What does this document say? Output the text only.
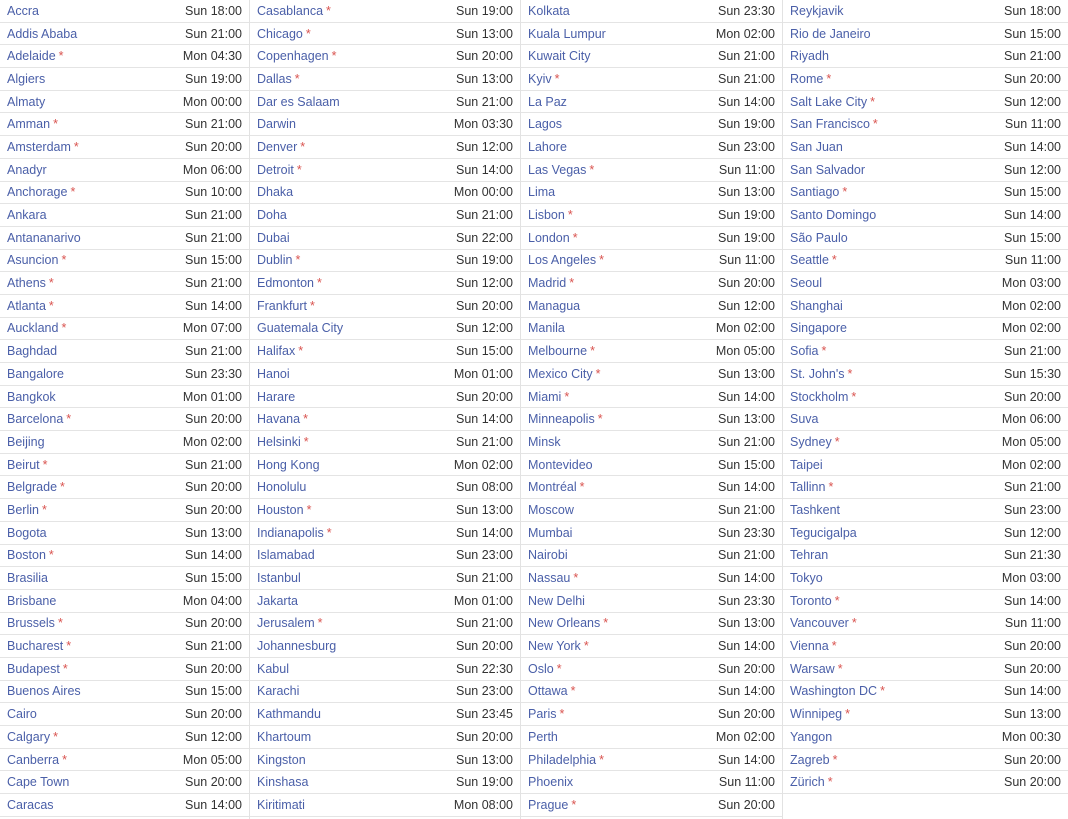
Accra	Sun 18:00
Addis Ababa	Sun 21:00
Adelaide *	Mon 04:30
Algiers	Sun 19:00
Almaty	Mon 00:00
Amman *	Sun 21:00
Amsterdam *	Sun 20:00
Anadyr	Mon 06:00
Anchorage *	Sun 10:00
Ankara	Sun 21:00
Antananarivo	Sun 21:00
Asuncion *	Sun 15:00
Athens *	Sun 21:00
Atlanta *	Sun 14:00
Auckland *	Mon 07:00
Baghdad	Sun 21:00
Bangalore	Sun 23:30
Bangkok	Mon 01:00
Barcelona *	Sun 20:00
Beijing	Mon 02:00
Beirut *	Sun 21:00
Belgrade *	Sun 20:00
Berlin *	Sun 20:00
Bogota	Sun 13:00
Boston *	Sun 14:00
Brasilia	Sun 15:00
Brisbane	Mon 04:00
Brussels *	Sun 20:00
Bucharest *	Sun 21:00
Budapest *	Sun 20:00
Buenos Aires	Sun 15:00
Cairo	Sun 20:00
Calgary *	Sun 12:00
Canberra *	Mon 05:00
Cape Town	Sun 20:00
Caracas	Sun 14:00
Casablanca *	Sun 19:00
Chicago *	Sun 13:00
Copenhagen *	Sun 20:00
Dallas *	Sun 13:00
Dar es Salaam	Sun 21:00
Darwin	Mon 03:30
Denver *	Sun 12:00
Detroit *	Sun 14:00
Dhaka	Mon 00:00
Doha	Sun 21:00
Dubai	Sun 22:00
Dublin *	Sun 19:00
Edmonton *	Sun 12:00
Frankfurt *	Sun 20:00
Guatemala City	Sun 12:00
Halifax *	Sun 15:00
Hanoi	Mon 01:00
Harare	Sun 20:00
Havana *	Sun 14:00
Helsinki *	Sun 21:00
Hong Kong	Mon 02:00
Honolulu	Sun 08:00
Houston *	Sun 13:00
Indianapolis *	Sun 14:00
Islamabad	Sun 23:00
Istanbul	Sun 21:00
Jakarta	Mon 01:00
Jerusalem *	Sun 21:00
Johannesburg	Sun 20:00
Kabul	Sun 22:30
Karachi	Sun 23:00
Kathmandu	Sun 23:45
Khartoum	Sun 20:00
Kingston	Sun 13:00
Kinshasa	Sun 19:00
Kiritimati	Mon 08:00
Kolkata	Sun 23:30
Kuala Lumpur	Mon 02:00
Kuwait City	Sun 21:00
Kyiv *	Sun 21:00
La Paz	Sun 14:00
Lagos	Sun 19:00
Lahore	Sun 23:00
Las Vegas *	Sun 11:00
Lima	Sun 13:00
Lisbon *	Sun 19:00
London *	Sun 19:00
Los Angeles *	Sun 11:00
Madrid *	Sun 20:00
Managua	Sun 12:00
Manila	Mon 02:00
Melbourne *	Mon 05:00
Mexico City *	Sun 13:00
Miami *	Sun 14:00
Minneapolis *	Sun 13:00
Minsk	Sun 21:00
Montevideo	Sun 15:00
Montréal *	Sun 14:00
Moscow	Sun 21:00
Mumbai	Sun 23:30
Nairobi	Sun 21:00
Nassau *	Sun 14:00
New Delhi	Sun 23:30
New Orleans *	Sun 13:00
New York *	Sun 14:00
Oslo *	Sun 20:00
Ottawa *	Sun 14:00
Paris *	Sun 20:00
Perth	Mon 02:00
Philadelphia *	Sun 14:00
Phoenix	Sun 11:00
Prague *	Sun 20:00
Reykjavik	Sun 18:00
Rio de Janeiro	Sun 15:00
Riyadh	Sun 21:00
Rome *	Sun 20:00
Salt Lake City *	Sun 12:00
San Francisco *	Sun 11:00
San Juan	Sun 14:00
San Salvador	Sun 12:00
Santiago *	Sun 15:00
Santo Domingo	Sun 14:00
São Paulo	Sun 15:00
Seattle *	Sun 11:00
Seoul	Mon 03:00
Shanghai	Mon 02:00
Singapore	Mon 02:00
Sofia *	Sun 21:00
St. John's *	Sun 15:30
Stockholm *	Sun 20:00
Suva	Mon 06:00
Sydney *	Mon 05:00
Taipei	Mon 02:00
Tallinn *	Sun 21:00
Tashkent	Sun 23:00
Tegucigalpa	Sun 12:00
Tehran	Sun 21:30
Tokyo	Mon 03:00
Toronto *	Sun 14:00
Vancouver *	Sun 11:00
Vienna *	Sun 20:00
Warsaw *	Sun 20:00
Washington DC *	Sun 14:00
Winnipeg *	Sun 13:00
Yangon	Mon 00:30
Zagreb *	Sun 20:00
Zürich *	Sun 20:00
